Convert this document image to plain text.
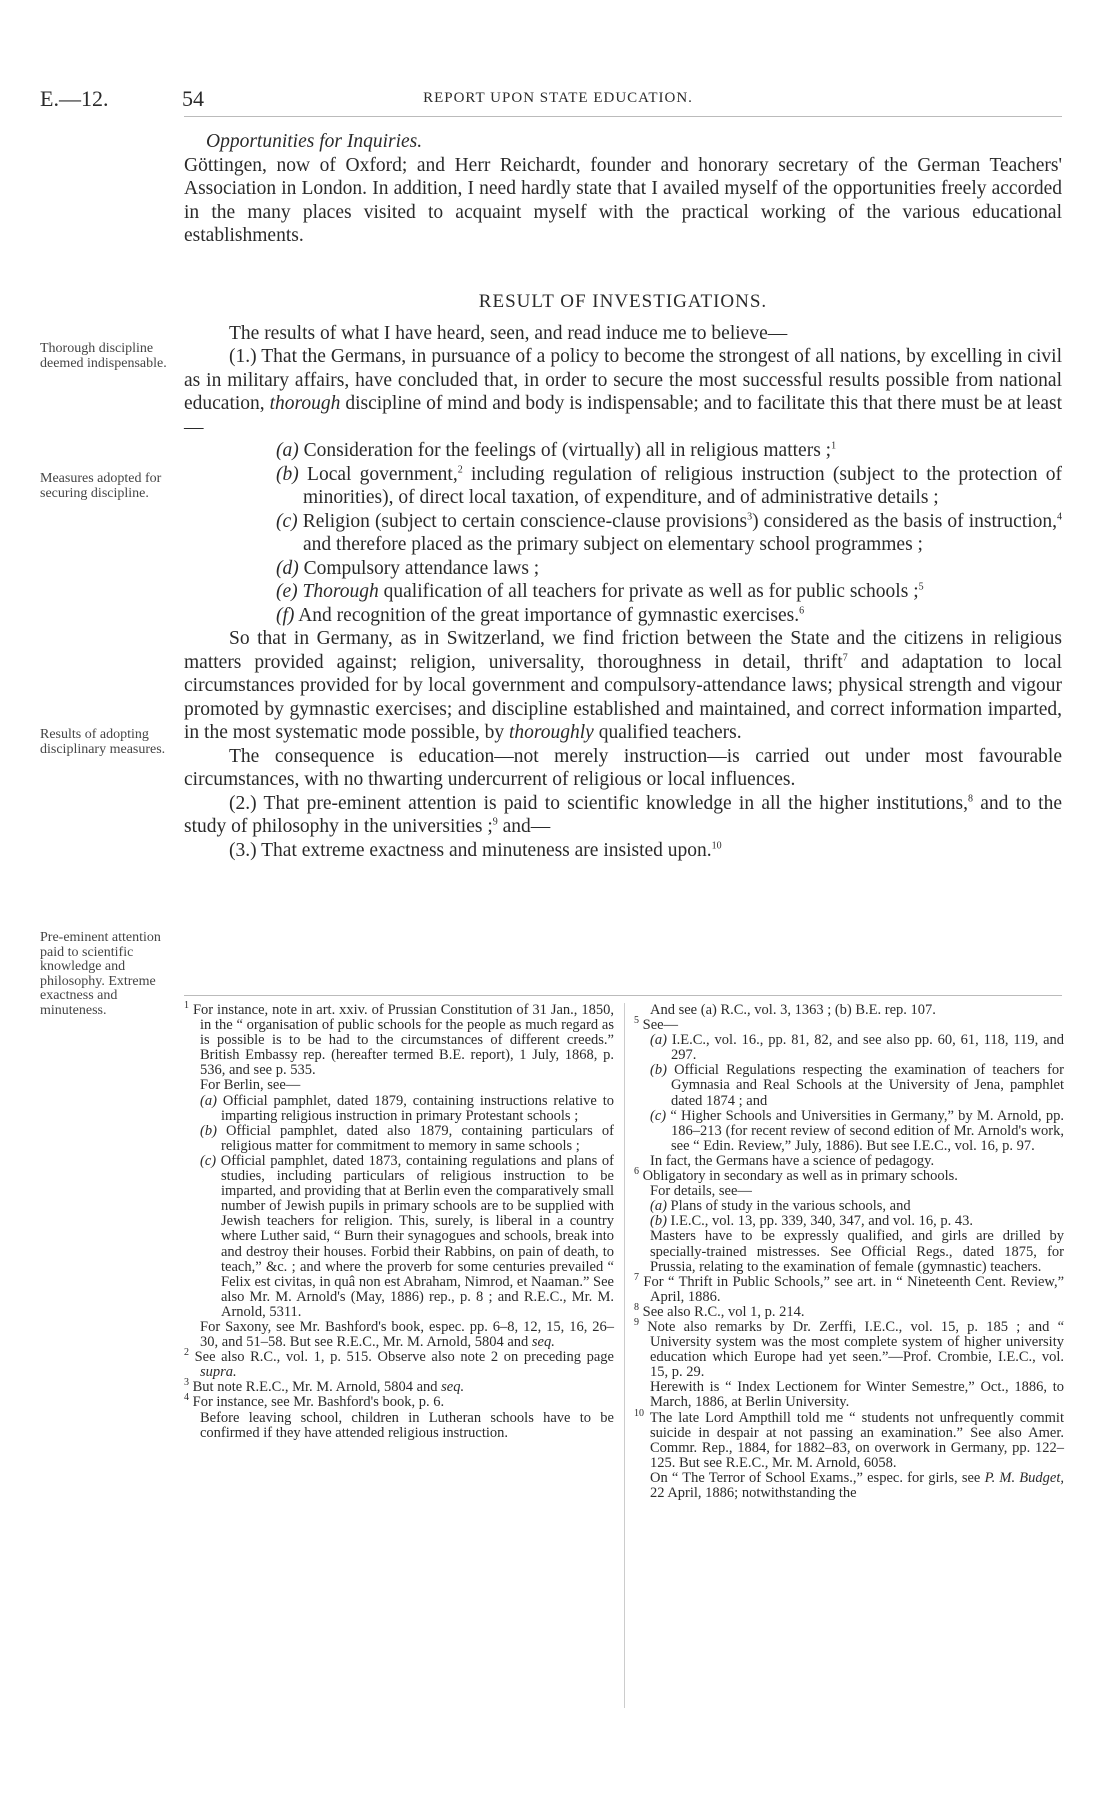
E.—12.	54	REPORT UPON STATE EDUCATION.

Opportunities for Inquiries.

Göttingen, now of Oxford; and Herr Reichardt, founder and honorary secretary of the German Teachers' Association in London. In addition, I need hardly state that I availed myself of the opportunities freely accorded in the many places visited to acquaint myself with the practical working of the various educational establishments.

RESULT OF INVESTIGATIONS.

The results of what I have heard, seen, and read induce me to believe—

(1.) That the Germans, in pursuance of a policy to become the strongest of all nations, by excelling in civil as in military affairs, have concluded that, in order to secure the most successful results possible from national education, thorough discipline of mind and body is indispensable; and to facilitate this that there must be at least—

(a) Consideration for the feelings of (virtually) all in religious matters ;$^1$

(b) Local government,$^2$ including regulation of religious instruction (subject to the protection of minorities), of direct local taxation, of expenditure, and of administrative details ;

(c) Religion (subject to certain conscience-clause provisions$^3$) considered as the basis of instruction,$^4$ and therefore placed as the primary subject on elementary school programmes ;

(d) Compulsory attendance laws ;

(e) Thorough qualification of all teachers for private as well as for public schools ;$^5$

(f) And recognition of the great importance of gymnastic exercises.$^6$

So that in Germany, as in Switzerland, we find friction between the State and the citizens in religious matters provided against; religion, universality, thoroughness in detail, thrift$^7$ and adaptation to local circumstances provided for by local government and compulsory-attendance laws; physical strength and vigour promoted by gymnastic exercises; and discipline established and maintained, and correct information imparted, in the most systematic mode possible, by thoroughly qualified teachers.

The consequence is education—not merely instruction—is carried out under most favourable circumstances, with no thwarting undercurrent of religious or local influences.

(2.) That pre-eminent attention is paid to scientific knowledge in all the higher institutions,$^8$ and to the study of philosophy in the universities ;$^9$ and—

(3.) That extreme exactness and minuteness are insisted upon.$^{10}$

Thorough discipline deemed indispensable.
Measures adopted for securing discipline.
Results of adopting disciplinary measures.
Pre-eminent attention paid to scientific knowledge and philosophy. Extreme exactness and minuteness.	$^1$ For instance, note in art. xxiv. of Prussian Constitution of 31 Jan., 1850, in the “ organisation of public schools for the people as much regard as is possible is to be had to the circumstances of different creeds.” British Embassy rep. (hereafter termed B.E. report), 1 July, 1868, p. 536, and see p. 535.

For Berlin, see—

(a) Official pamphlet, dated 1879, containing instructions relative to imparting religious instruction in primary Protestant schools ;

(b) Official pamphlet, dated also 1879, containing particulars of religious matter for commitment to memory in same schools ;

(c) Official pamphlet, dated 1873, containing regulations and plans of studies, including particulars of religious instruction to be imparted, and providing that at Berlin even the comparatively small number of Jewish pupils in primary schools are to be supplied with Jewish teachers for religion. This, surely, is liberal in a country where Luther said, “ Burn their synagogues and schools, break into and destroy their houses. Forbid their Rabbins, on pain of death, to teach,” &c. ; and where the proverb for some centuries prevailed “ Felix est civitas, in quâ non est Abraham, Nimrod, et Naaman.” See also Mr. M. Arnold's (May, 1886) rep., p. 8 ; and R.E.C., Mr. M. Arnold, 5311.

For Saxony, see Mr. Bashford's book, espec. pp. 6–8, 12, 15, 16, 26–30, and 51–58. But see R.E.C., Mr. M. Arnold, 5804 and seq.

$^2$ See also R.C., vol. 1, p. 515. Observe also note 2 on preceding page supra.

$^3$ But note R.E.C., Mr. M. Arnold, 5804 and seq.

$^4$ For instance, see Mr. Bashford's book, p. 6.

Before leaving school, children in Lutheran schools have to be confirmed if they have attended religious instruction.

And see (a) R.C., vol. 3, 1363 ; (b) B.E. rep. 107.

$^5$ See—

(a) I.E.C., vol. 16., pp. 81, 82, and see also pp. 60, 61, 118, 119, and 297.

(b) Official Regulations respecting the examination of teachers for Gymnasia and Real Schools at the University of Jena, pamphlet dated 1874 ; and

(c) “ Higher Schools and Universities in Germany,” by M. Arnold, pp. 186–213 (for recent review of second edition of Mr. Arnold's work, see “ Edin. Review,” July, 1886). But see I.E.C., vol. 16, p. 97.

In fact, the Germans have a science of pedagogy.

$^6$ Obligatory in secondary as well as in primary schools.

For details, see—

(a) Plans of study in the various schools, and

(b) I.E.C., vol. 13, pp. 339, 340, 347, and vol. 16, p. 43.

Masters have to be expressly qualified, and girls are drilled by specially-trained mistresses. See Official Regs., dated 1875, for Prussia, relating to the examination of female (gymnastic) teachers.

$^7$ For “ Thrift in Public Schools,” see art. in “ Nineteenth Cent. Review,” April, 1886.

$^8$ See also R.C., vol 1, p. 214.

$^9$ Note also remarks by Dr. Zerffi, I.E.C., vol. 15, p. 185 ; and “ University system was the most complete system of higher university education which Europe had yet seen.”—Prof. Crombie, I.E.C., vol. 15, p. 29.

Herewith is “ Index Lectionem for Winter Semestre,” Oct., 1886, to March, 1886, at Berlin University.

$^{10}$ The late Lord Ampthill told me “ students not unfrequently commit suicide in despair at not passing an examination.” See also Amer. Commr. Rep., 1884, for 1882–83, on overwork in Germany, pp. 122–125. But see R.E.C., Mr. M. Arnold, 6058.

On “ The Terror of School Exams.,” espec. for girls, see P. M. Budget, 22 April, 1886; notwithstanding the
